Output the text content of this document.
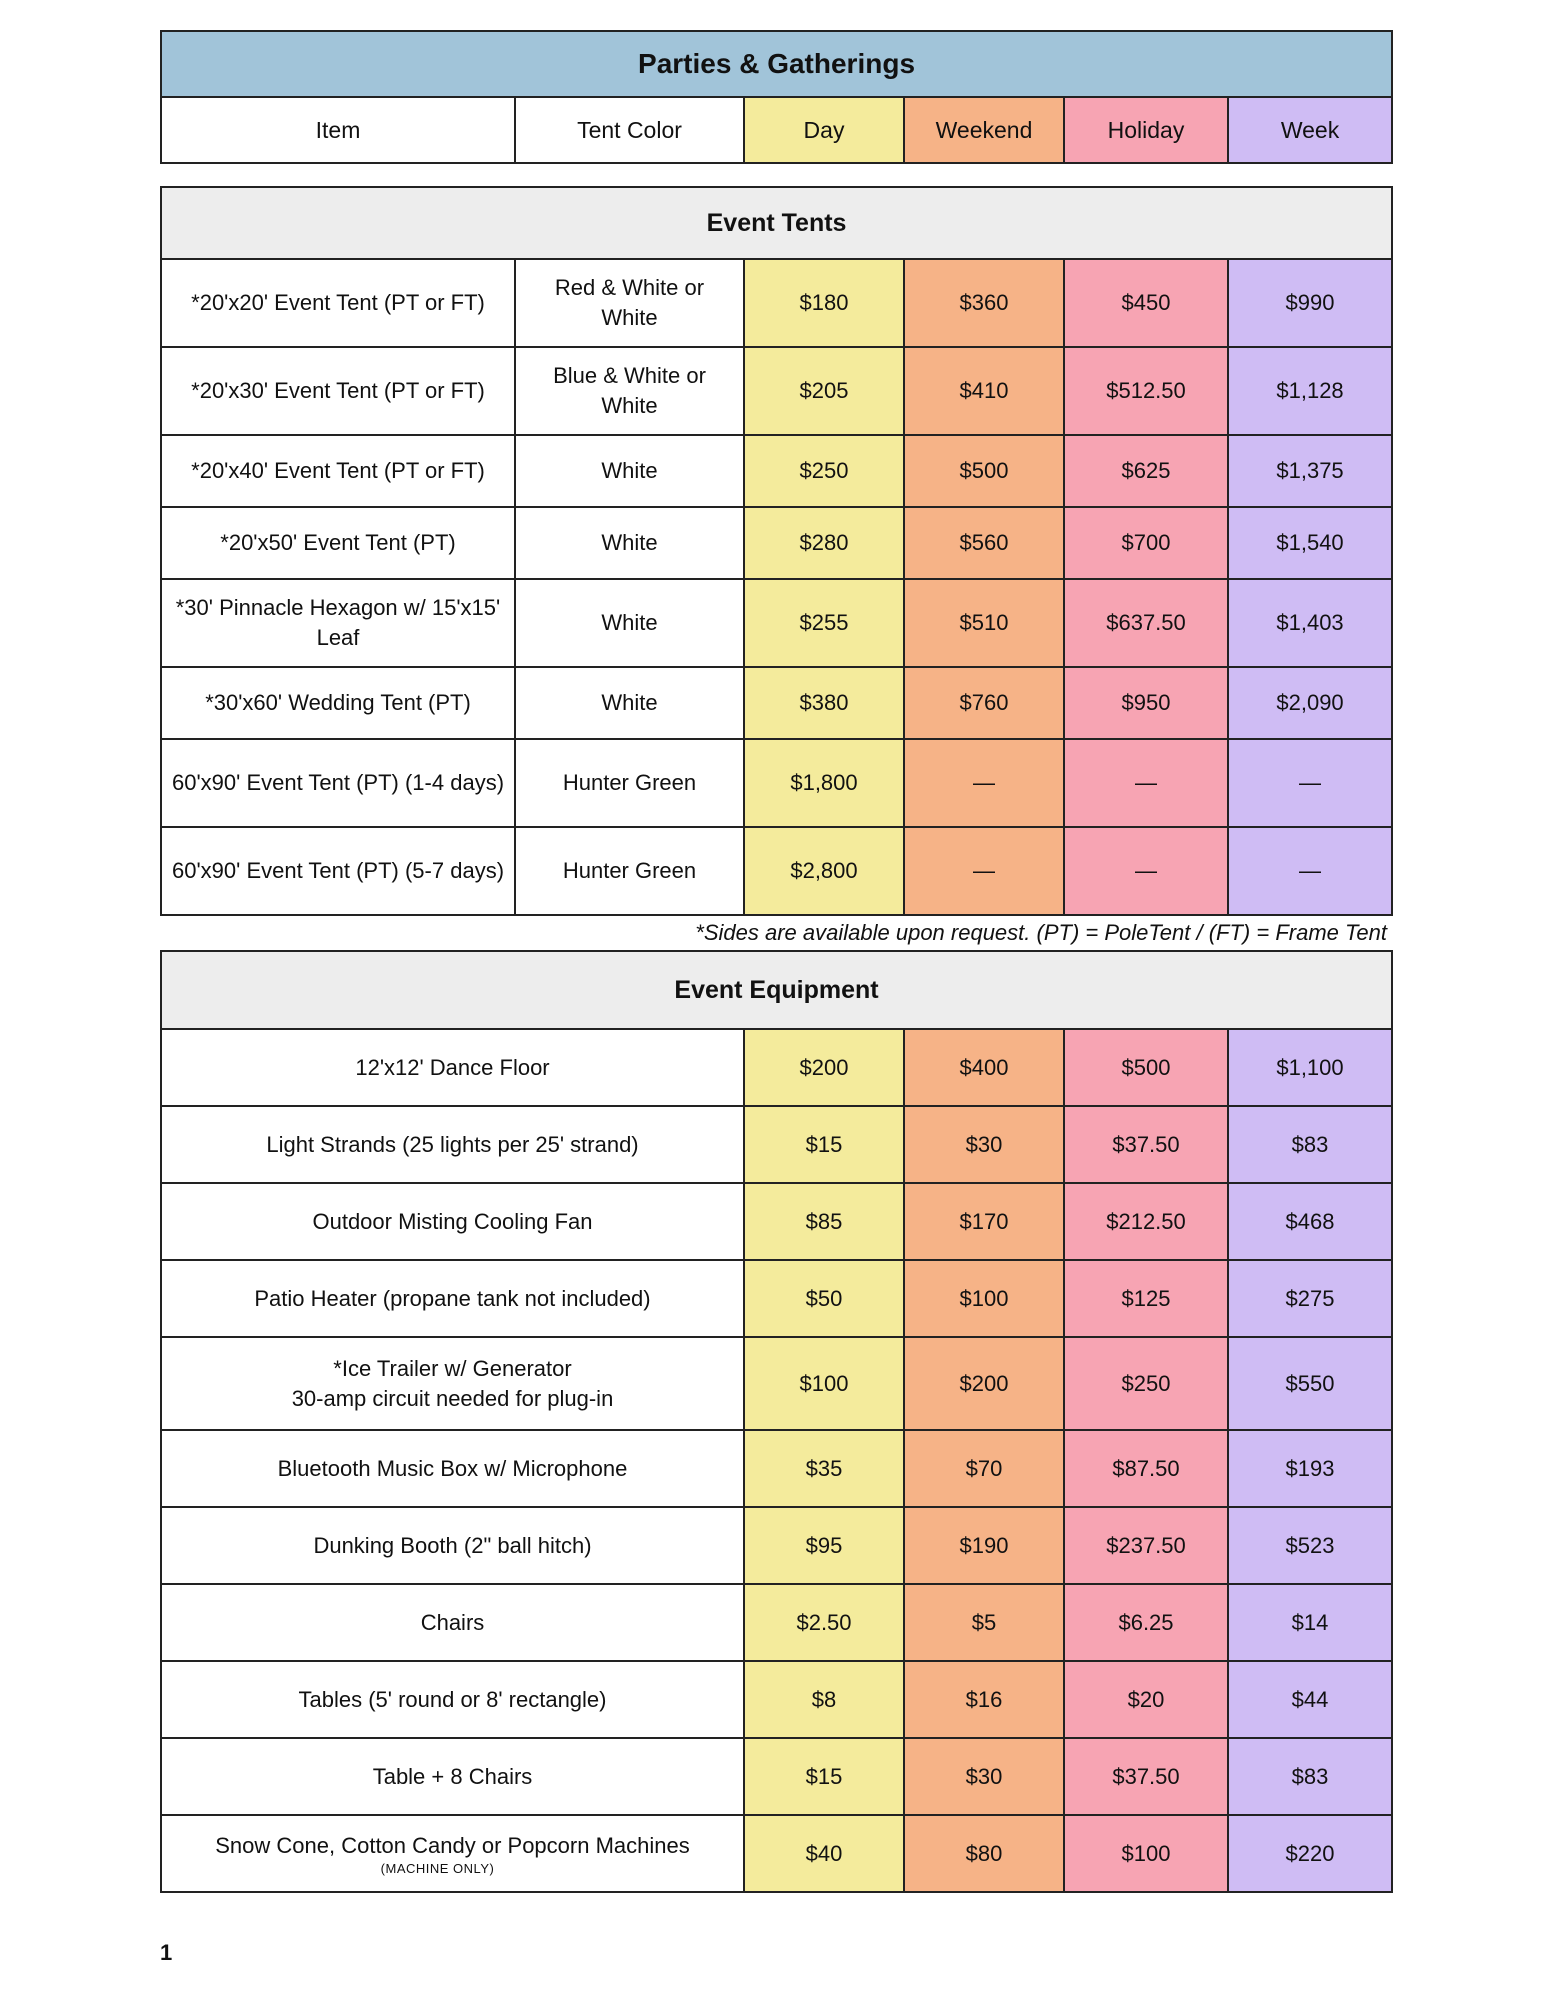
Parties & Gatherings
Item	Tent Color	Day	Weekend	Holiday	Week
Event Tents					
*20'x20' Event Tent (PT or FT)	Red & White or White	$180	$360	$450	$990
*20'x30' Event Tent (PT or FT)	Blue & White or White	$205	$410	$512.50	$1,128
*20'x40' Event Tent (PT or FT)	White	$250	$500	$625	$1,375
*20'x50' Event Tent (PT)	White	$280	$560	$700	$1,540
*30' Pinnacle Hexagon w/ 15'x15' Leaf	White	$255	$510	$637.50	$1,403
*30'x60' Wedding Tent (PT)	White	$380	$760	$950	$2,090
60'x90' Event Tent (PT) (1-4 days)	Hunter Green	$1,800	—	—	—
60'x90' Event Tent (PT) (5-7 days)	Hunter Green	$2,800	—	—	—
*Sides are available upon request. (PT) = PoleTent / (FT) = Frame Tent
Event Equipment				

12'x12' Dance Floor	$200	$400	$500	$1,100

Light Strands (25 lights per 25' strand)	$15	$30	$37.50	$83

Outdoor Misting Cooling Fan	$85	$170	$212.50	$468

Patio Heater (propane tank not included)	$50	$100	$125	$275

*Ice Trailer w/ Generator
30-amp circuit needed for plug-in	$100	$200	$250	$550

Bluetooth Music Box w/ Microphone	$35	$70	$87.50	$193

Dunking Booth (2" ball hitch)	$95	$190	$237.50	$523

Chairs	$2.50	$5	$6.25	$14

Tables (5' round or 8' rectangle)	$8	$16	$20	$44

Table + 8 Chairs	$15	$30	$37.50	$83

Snow Cone, Cotton Candy or Popcorn Machines
(MACHINE ONLY)	$40	$80	$100	$220
1
